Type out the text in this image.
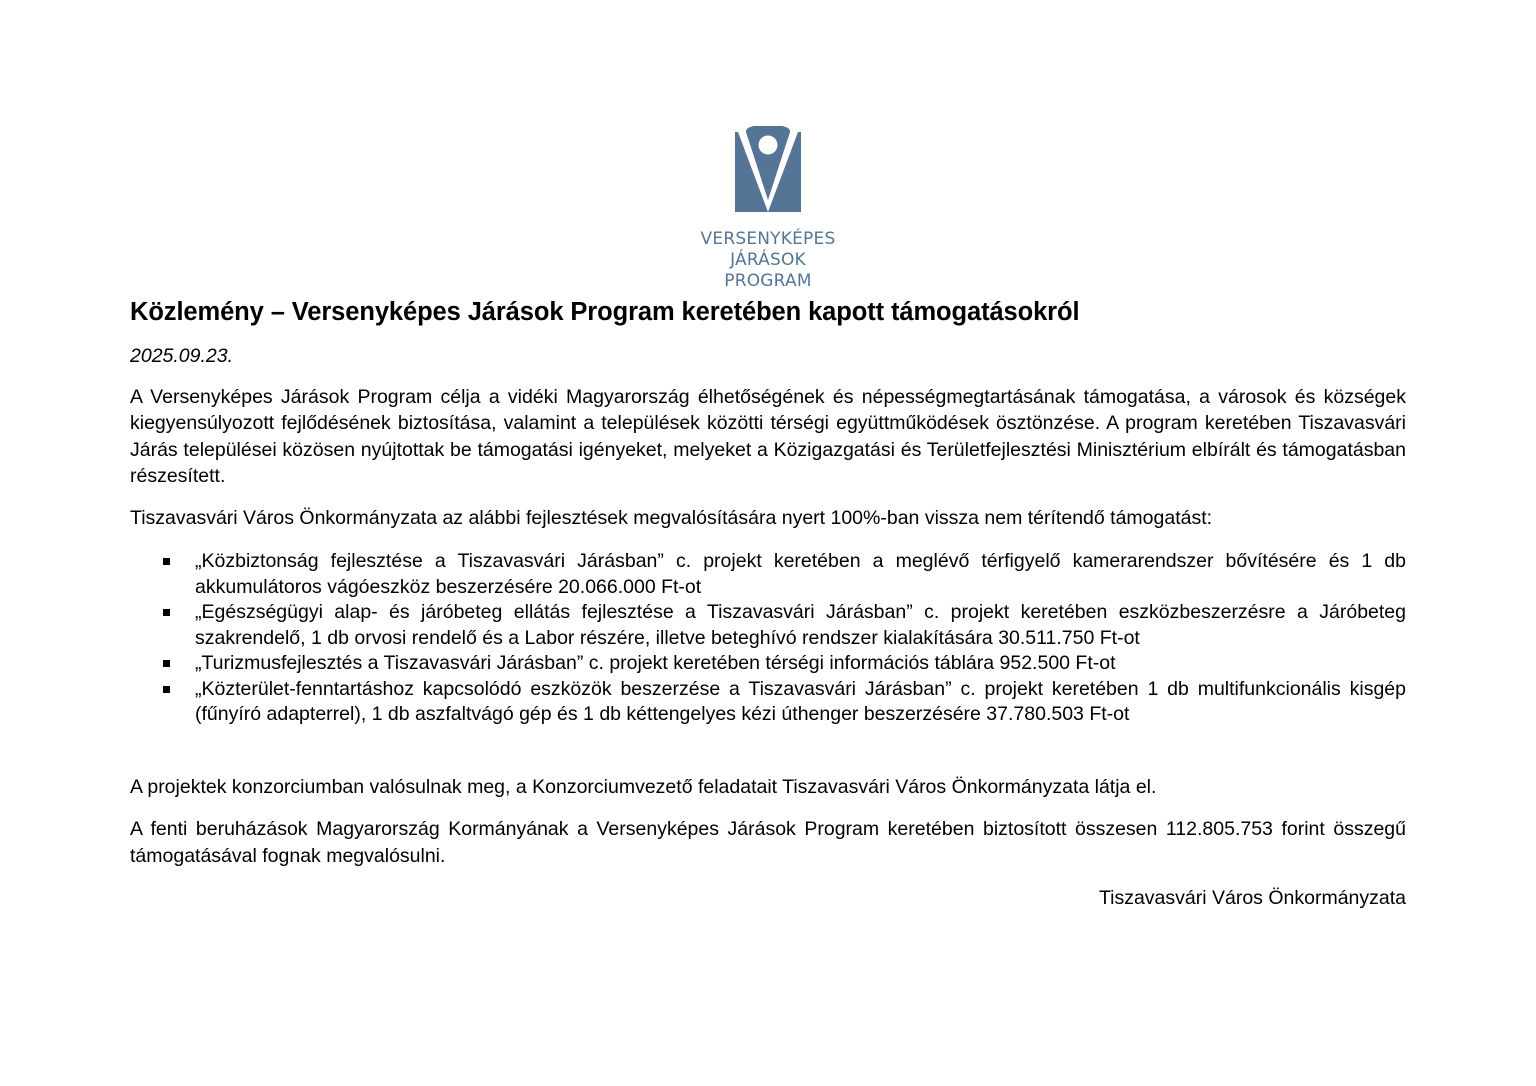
VERSENYKÉPES JÁRÁSOK
PROGRAM
Közlemény – Versenyképes Járások Program keretében kapott támogatásokról
2025.09.23.

A Versenyképes Járások Program célja a vidéki Magyarország élhetőségének és népességmegtartásának támogatása, a városok és községek kiegyensúlyozott fejlődésének biztosítása, valamint a települések közötti térségi együttműködések ösztönzése. A program keretében Tiszavasvári Járás települései közösen nyújtottak be támogatási igényeket, melyeket a Közigazgatási és Területfejlesztési Minisztérium elbírált és támogatásban részesített.

Tiszavasvári Város Önkormányzata az alábbi fejlesztések megvalósítására nyert 100%-ban vissza nem térítendő támogatást:

„Közbiztonság fejlesztése a Tiszavasvári Járásban” c. projekt keretében a meglévő térfigyelő kamerarendszer bővítésére és 1 db akkumulátoros vágóeszköz beszerzésére 20.066.000 Ft-ot
„Egészségügyi alap- és járóbeteg ellátás fejlesztése a Tiszavasvári Járásban” c. projekt keretében eszközbeszerzésre a Járóbeteg szakrendelő, 1 db orvosi rendelő és a Labor részére, illetve beteghívó rendszer kialakítására 30.511.750 Ft-ot
„Turizmusfejlesztés a Tiszavasvári Járásban” c. projekt keretében térségi információs táblára 952.500 Ft-ot
„Közterület-fenntartáshoz kapcsolódó eszközök beszerzése a Tiszavasvári Járásban” c. projekt keretében 1 db multifunkcionális kisgép (fűnyíró adapterrel), 1 db aszfaltvágó gép és 1 db kéttengelyes kézi úthenger beszerzésére 37.780.503 Ft-ot

A projektek konzorciumban valósulnak meg, a Konzorciumvezető feladatait Tiszavasvári Város Önkormányzata látja el.

A fenti beruházások Magyarország Kormányának a Versenyképes Járások Program keretében biztosított összesen 112.805.753 forint összegű támogatásával fognak megvalósulni.

Tiszavasvári Város Önkormányzata
